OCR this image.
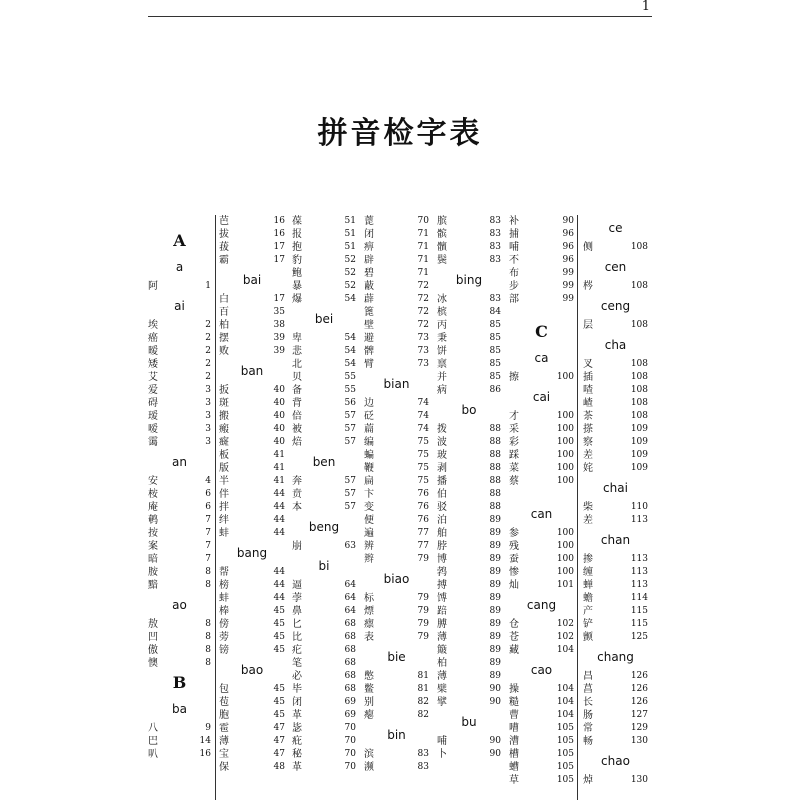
1
拼音检字表
A
a
阿	1
ai
埃	2
癌	2
暧	2
矮	2
艾	2
爱	3
碍	3
瑷	3
嗳	3
霭	3
an
安	4
桉	6
庵	6
鹌	7
按	7
案	7
暗	7
胺	8
黯	8
ao
敖	8
凹	8
傲	8
懊	8
B
ba
八	9
巴	14
叭	16
芭	16
拔	16
菝	17
霸	17
bai
白	17
百	35
柏	38
摆	39
败	39
ban
扳	40
斑	40
搬	40
瘢	40
癍	40
板	41
版	41
半	41
伴	44
拌	44
绊	44
蚌	44
bang
帮	44
榜	44
蚌	44
棒	45
傍	45
蒡	45
镑	45
bao
包	45
苞	45
胞	45
雹	47
薄	47
宝	47
保	48
葆	51
报	51
抱	51
豹	52
鲍	52
暴	52
爆	54
bei
卑	54
悲	54
北	54
贝	55
备	55
背	56
倍	57
被	57
焙	57
ben
奔	57
贲	57
本	57
beng
崩	63
bi
逼	64
荸	64
鼻	64
匕	68
比	68
疕	68
笔	68
必	68
毕	68
闭	69
革	69
毖	70
疪	70
秘	70
革	70
蓖	70
闭	71
痹	71
辟	71
碧	71
蔽	72
薜	72
篦	72
壁	72
避	73
髀	73
臂	73
bian
边	74
砭	74
萹	74
编	75
蝙	75
鞭	75
扁	75
卞	76
变	76
便	76
遍	77
辨	77
辫	79
biao
标	79
熛	79
瘭	79
表	79
bie
憋	81
鳖	81
别	82
瘪	82
bin
滨	83
濒	83
膑	83
髌	83
髕	83
鬓	83
bing
冰	83
槟	84
丙	85
秉	85
饼	85
禀	85
并	85
病	86
bo
拨	88
波	88
玻	88
剥	88
播	88
伯	88
驳	88
泊	89
舶	89
脖	89
博	89
鹁	89
搏	89
馎	89
踣	89
膊	89
薄	89
簸	89
柏	89
薄	89
檗	90
擘	90
bu
哺	90
卜	90
补	90
捕	96
哺	96
不	96
布	99
步	99
部	99
C
ca
擦	100
cai
才	100
采	100
彩	100
踩	100
菜	100
蔡	100
can
参	100
残	100
蚕	100
惨	100
灿	101
cang
仓	102
苍	102
藏	104
cao
操	104
糙	104
曹	104
嘈	105
漕	105
槽	105
螬	105
草	105
ce
侧	108
cen
梣	108
ceng
层	108
cha
叉	108
插	108
喳	108
嵖	108
茶	108
搽	109
察	109
差	109
姹	109
chai
柴	110
差	113
chan
掺	113
缠	113
蝉	113
蟾	114
产	115
铲	115
颤	125
chang
昌	126
菖	126
长	126
肠	127
常	129
畅	130
chao
焯	130
